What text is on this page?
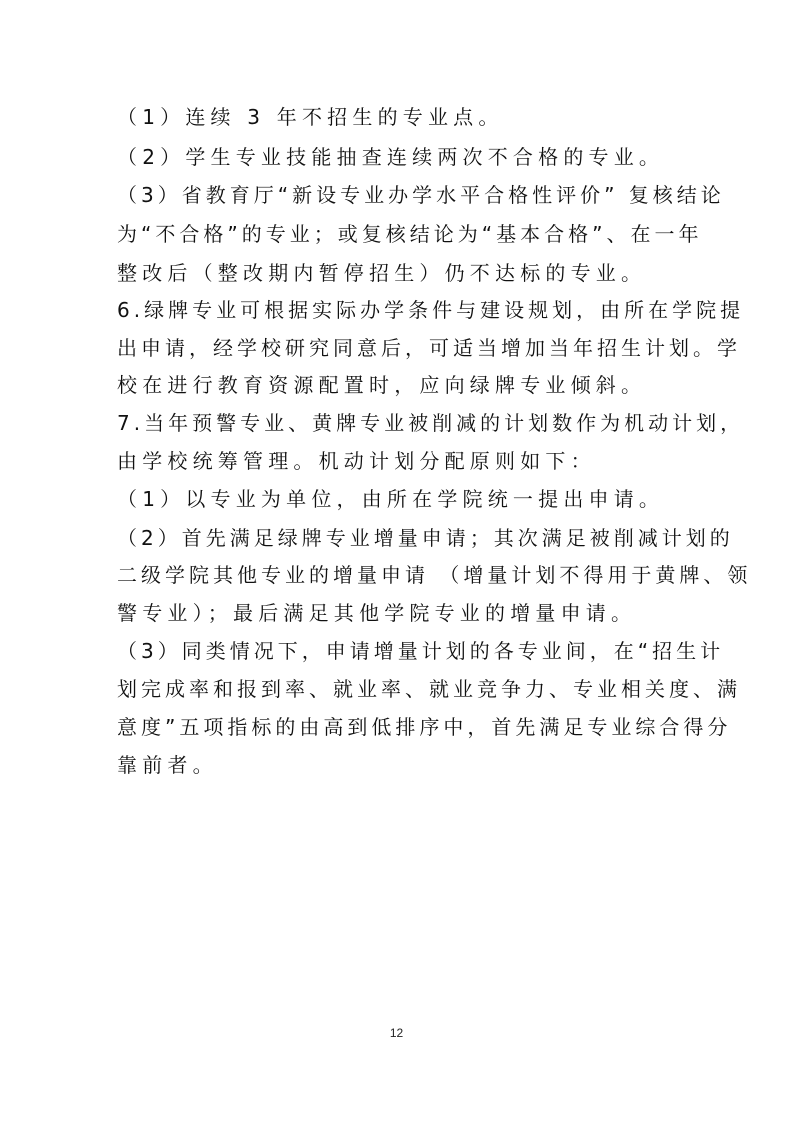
（1）连续 3 年不招生的专业点。
（2）学生专业技能抽查连续两次不合格的专业。
（3）省教育厅“新设专业办学水平合格性评价” 复核结论
为“不合格”的专业；或复核结论为“基本合格”、在一年
整改后（整改期内暂停招生）仍不达标的专业。
6.绿牌专业可根据实际办学条件与建设规划，由所在学院提
出申请，经学校研究同意后，可适当增加当年招生计划。学
校在进行教育资源配置时，应向绿牌专业倾斜。
7.当年预警专业、黄牌专业被削减的计划数作为机动计划，
由学校统筹管理。机动计划分配原则如下：
（1）以专业为单位，由所在学院统一提出申请。
（2）首先满足绿牌专业增量申请；其次满足被削减计划的
二级学院其他专业的增量申请 （增量计划不得用于黄牌、领
警专业）；最后满足其他学院专业的增量申请。
（3）同类情况下，申请增量计划的各专业间，在“招生计
划完成率和报到率、就业率、就业竞争力、专业相关度、满
意度”五项指标的由高到低排序中，首先满足专业综合得分
靠前者。
12
